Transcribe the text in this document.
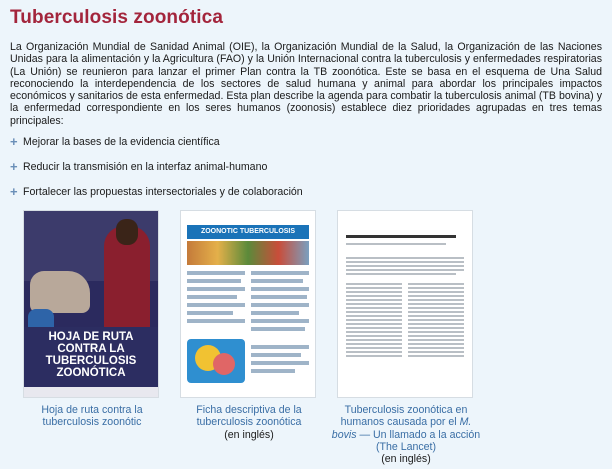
Tuberculosis zoonótica
La Organización Mundial de Sanidad Animal (OIE), la Organización Mundial de la Salud, la Organización de las Naciones Unidas para la alimentación y la Agricultura (FAO) y la Unión Internacional contra la tuberculosis y enfermedades respiratorias (La Unión) se reunieron para lanzar el primer Plan contra la TB zoonótica. Este se basa en el esquema de Una Salud reconociendo la interdependencia de los sectores de salud humana y animal para abordar los principales impactos económicos y sanitarios de esta enfermedad. Esta plan describe la agenda para combatir la tuberculosis animal (TB bovina) y la enfermedad correspondiente en los seres humanos (zoonosis) establece diez prioridades agrupadas en tres temas principales:
+ Mejorar la bases de la evidencia científica
+ Reducir la transmisión en la interfaz animal-humano
+ Fortalecer las propuestas intersectoriales y de colaboración
HOJA DE RUTA
CONTRA LA
TUBERCULOSIS
ZOONÓTICA
Hoja de ruta contra la tuberculosis zoonótic
ZOONOTIC TUBERCULOSIS
Ficha descriptiva de la tuberculosis zoonótica
(en inglés)
Tuberculosis zoonótica en humanos causada por el M. bovis — Un llamado a la acción (The Lancet)
(en inglés)
